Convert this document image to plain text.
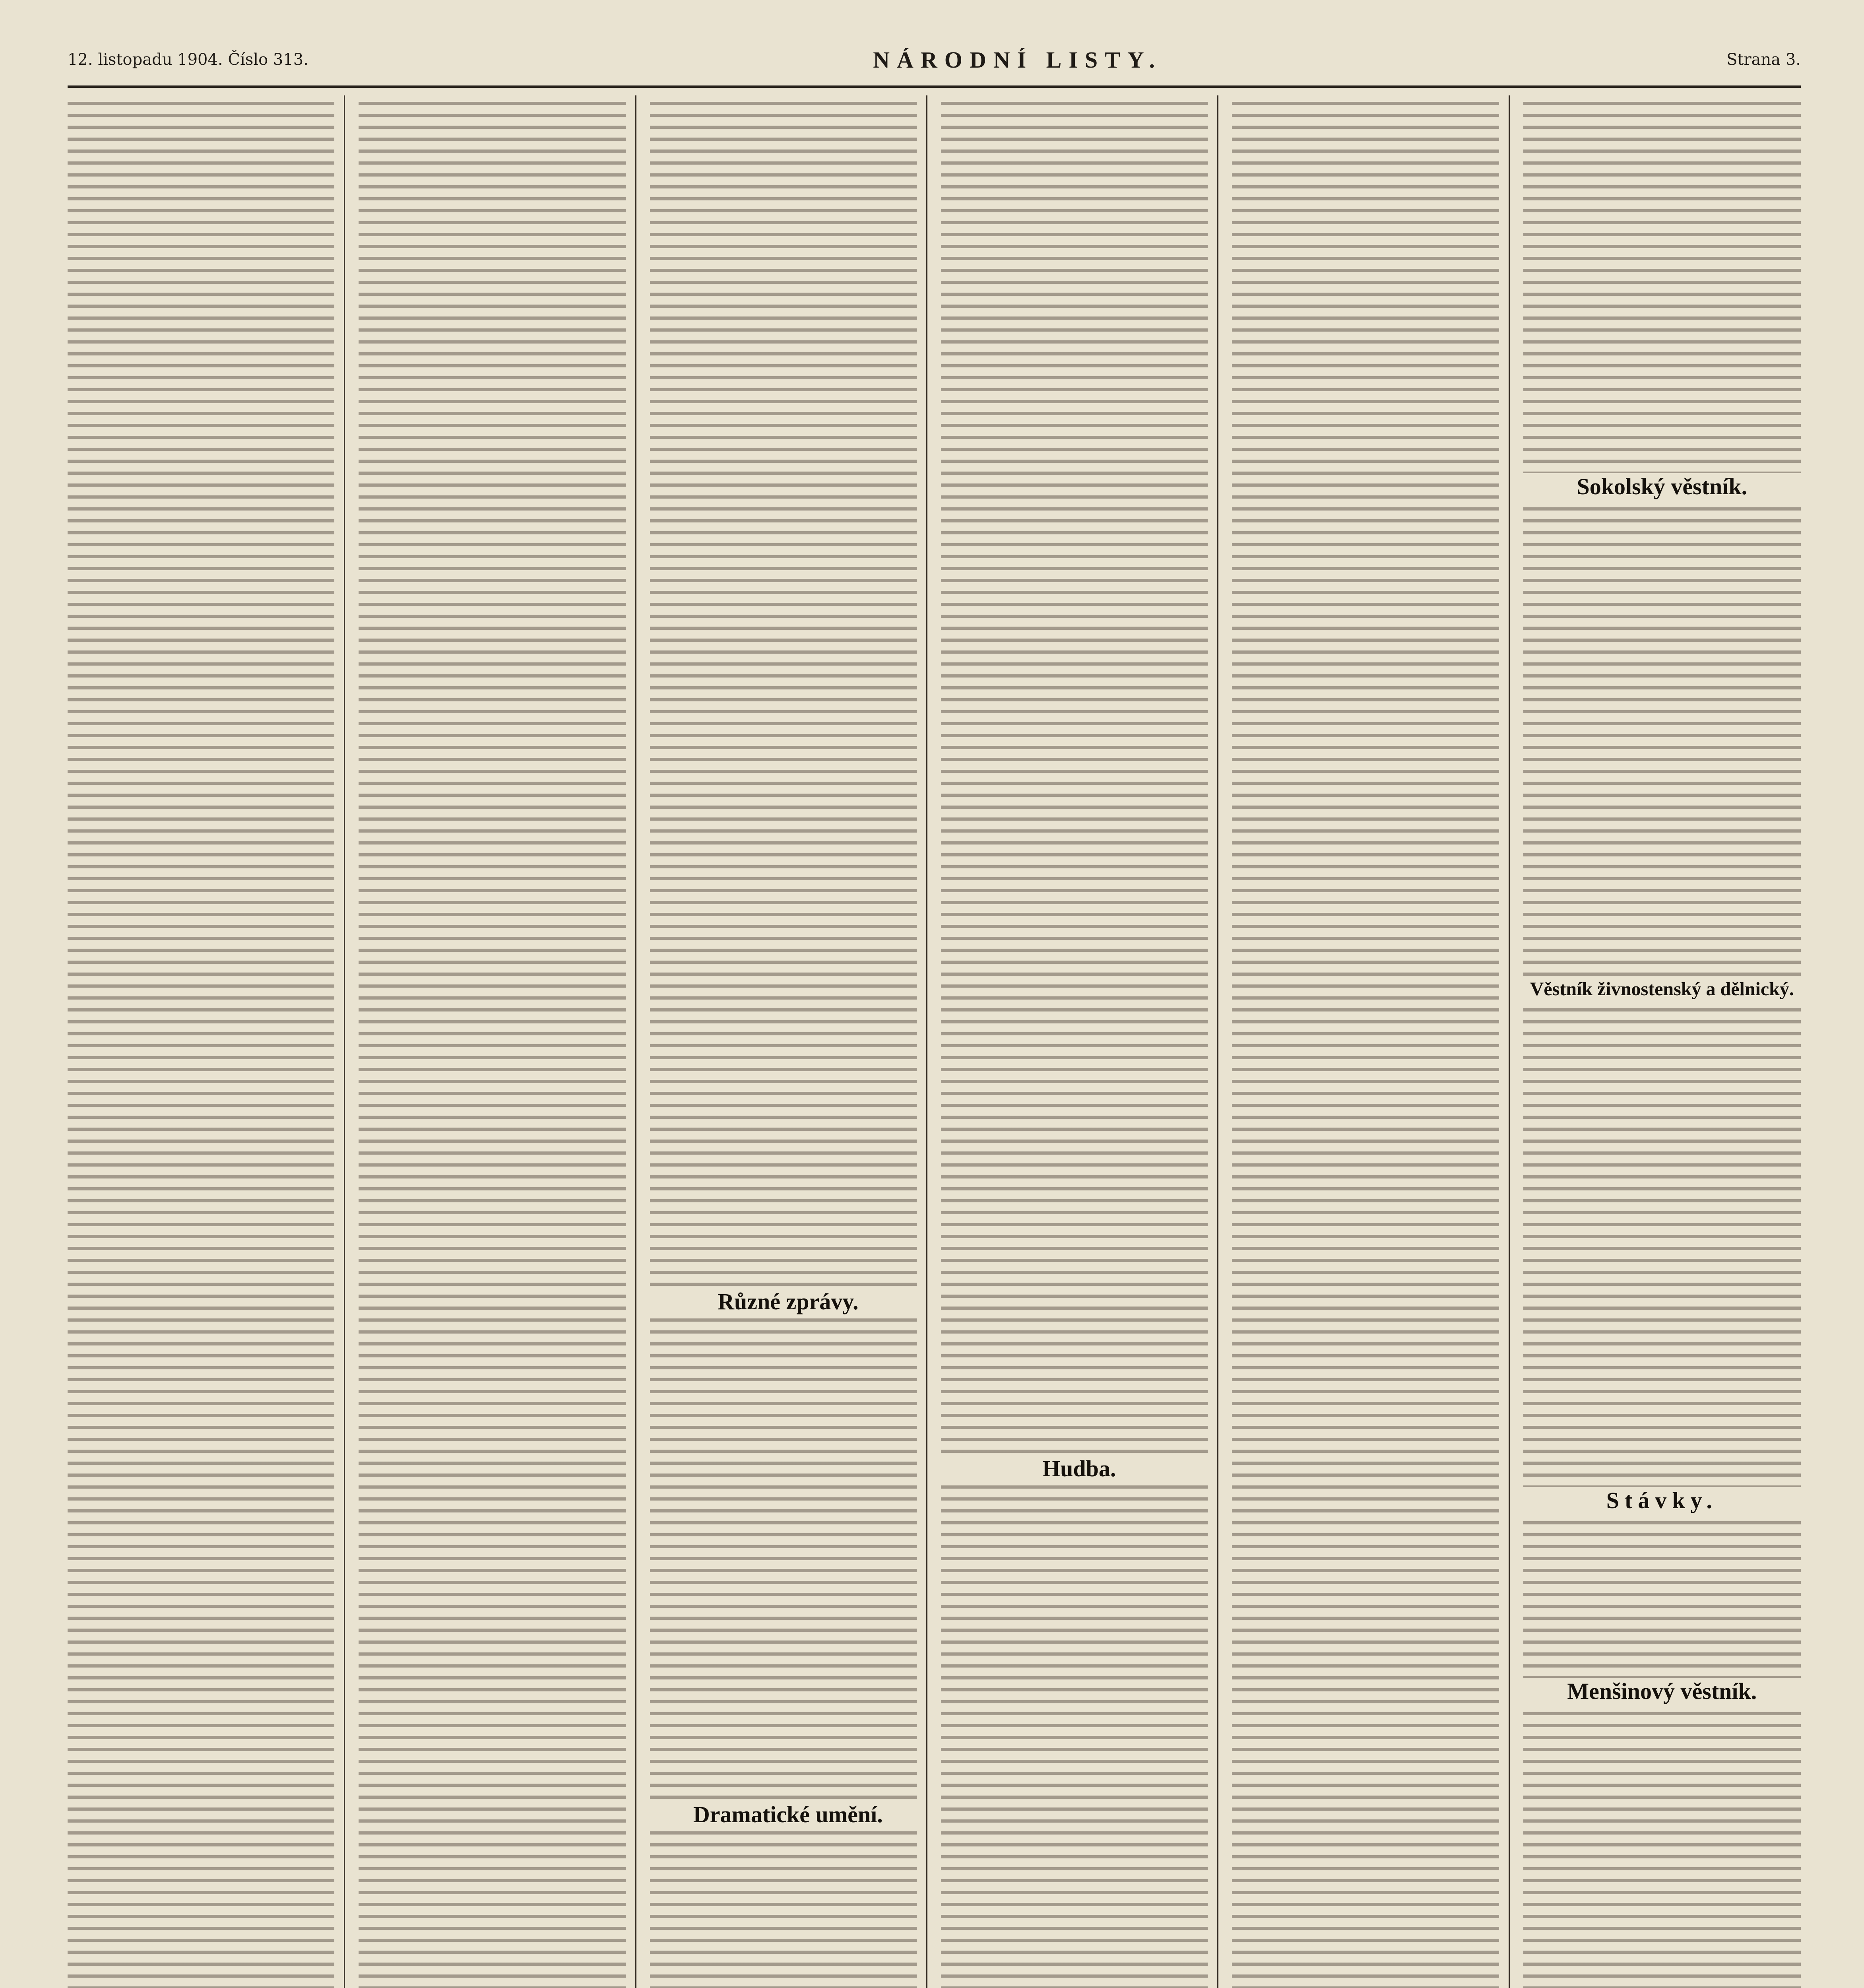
12. listopadu 1904. Číslo 313.	NÁRODNÍ LISTY.	Strana 3.
Různé zprávy.
Dramatické umění.
Hudba.
Sokolský věstník.
Věstník živnostenský a dělnický.
Stávky.
Menšinový věstník.
